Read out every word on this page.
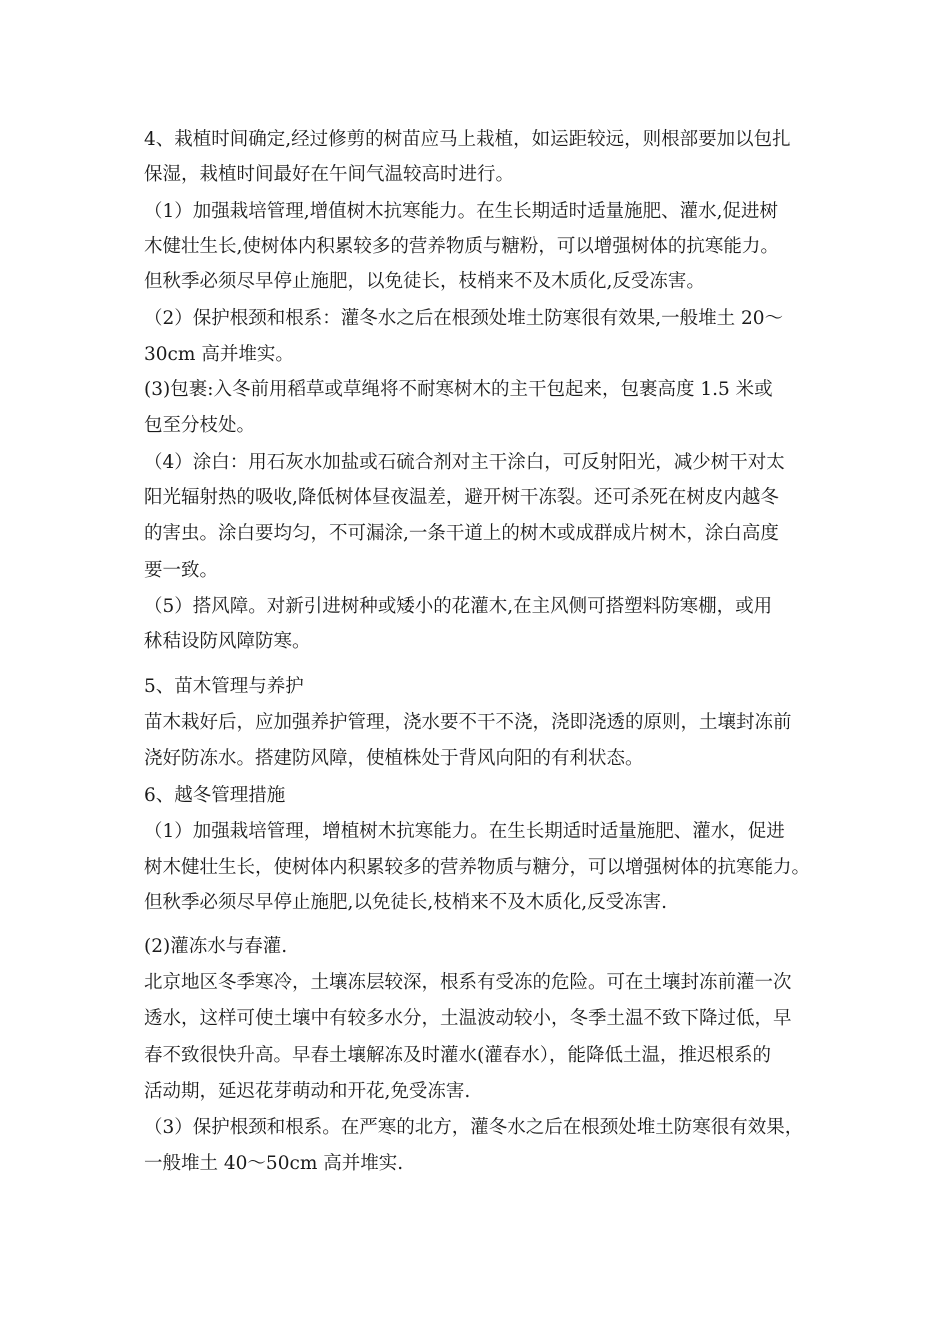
4、栽植时间确定,经过修剪的树苗应马上栽植，如运距较远，则根部要加以包扎
保湿，栽植时间最好在午间气温较高时进行。
（1）加强栽培管理,增值树木抗寒能力。在生长期适时适量施肥、灌水,促进树
木健壮生长,使树体内积累较多的营养物质与糖粉，可以增强树体的抗寒能力。
但秋季必须尽早停止施肥，以免徒长，枝梢来不及木质化,反受冻害。
（2）保护根颈和根系：灌冬水之后在根颈处堆土防寒很有效果,一般堆土 20～
30cm 高并堆实。
(3)包裹:入冬前用稻草或草绳将不耐寒树木的主干包起来，包裹高度 1.5 米或
包至分枝处。
（4）涂白：用石灰水加盐或石硫合剂对主干涂白，可反射阳光，减少树干对太
阳光辐射热的吸收,降低树体昼夜温差，避开树干冻裂。还可杀死在树皮内越冬
的害虫。涂白要均匀，不可漏涂,一条干道上的树木或成群成片树木，涂白高度
要一致。
（5）搭风障。对新引进树种或矮小的花灌木,在主风侧可搭塑料防寒棚，或用
秫秸设防风障防寒。
5、苗木管理与养护
苗木栽好后，应加强养护管理，浇水要不干不浇，浇即浇透的原则，土壤封冻前
浇好防冻水。搭建防风障，使植株处于背风向阳的有利状态。
6、越冬管理措施
（1）加强栽培管理，增植树木抗寒能力。在生长期适时适量施肥、灌水，促进
树木健壮生长，使树体内积累较多的营养物质与糖分，可以增强树体的抗寒能力。
但秋季必须尽早停止施肥,以免徒长,枝梢来不及木质化,反受冻害.
(2)灌冻水与春灌.
北京地区冬季寒冷，土壤冻层较深，根系有受冻的危险。可在土壤封冻前灌一次
透水，这样可使土壤中有较多水分，土温波动较小，冬季土温不致下降过低，早
春不致很快升高。早春土壤解冻及时灌水(灌春水），能降低土温，推迟根系的
活动期，延迟花芽萌动和开花,免受冻害.
（3）保护根颈和根系。在严寒的北方，灌冬水之后在根颈处堆土防寒很有效果，
一般堆土 40～50cm 高并堆实.
